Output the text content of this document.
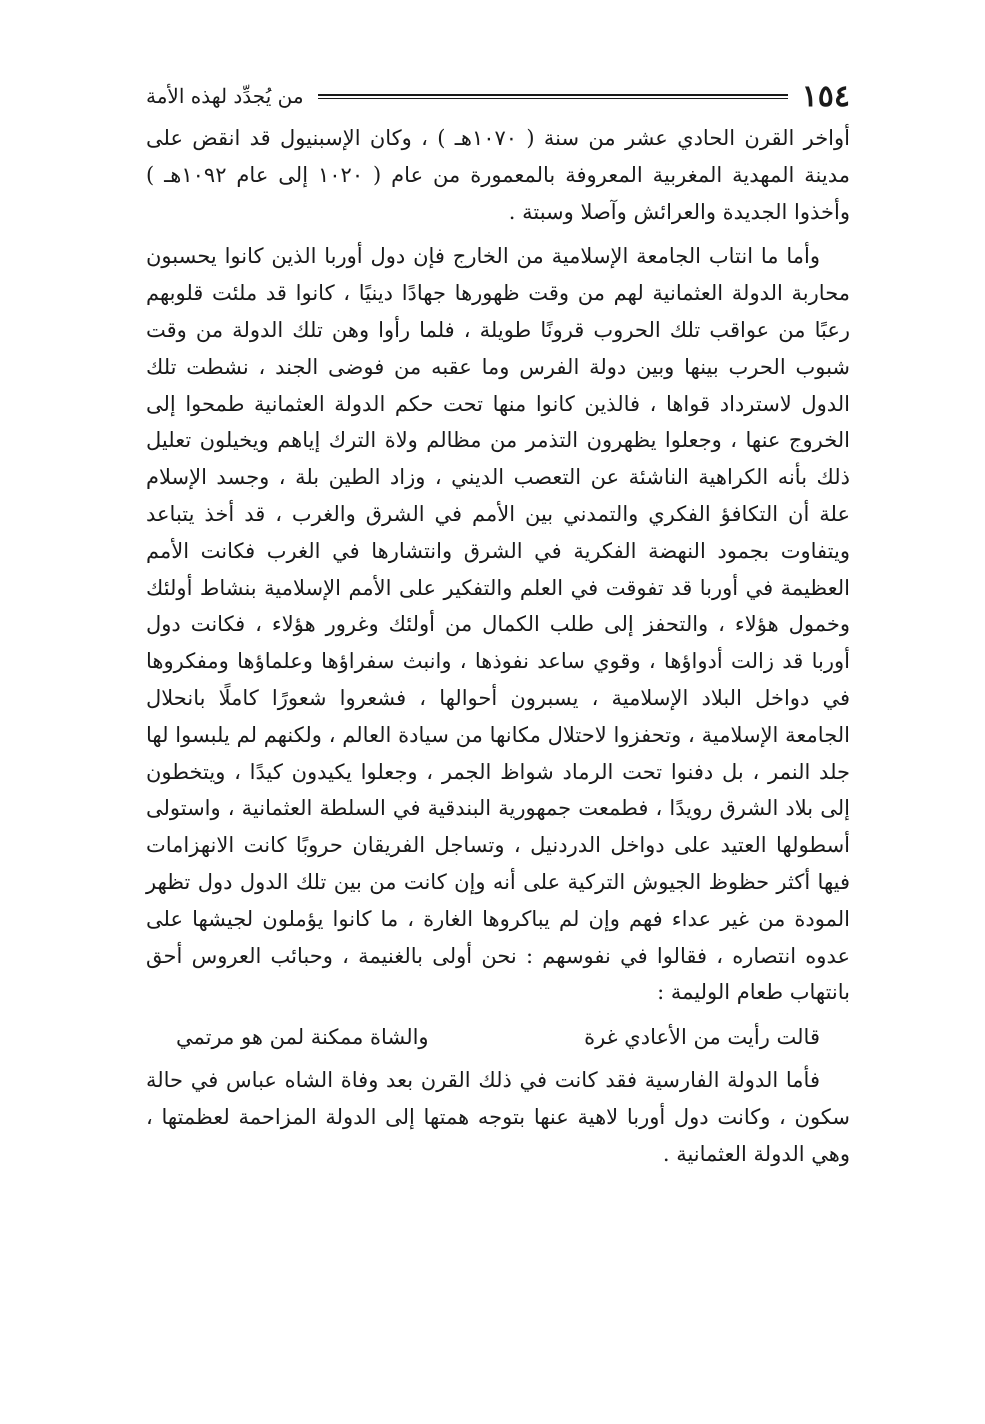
١٥٤
من يُجدِّد لهذه الأمة

أواخر القرن الحادي عشر من سنة ( ١٠٧٠هـ ) ، وكان الإسبنيول قد انقض على مدينة المهدية المغربية المعروفة بالمعمورة من عام ( ١٠٢٠ إلى عام ١٠٩٢هـ ) وأخذوا الجديدة والعرائش وآصلا وسبتة .

وأما ما انتاب الجامعة الإسلامية من الخارج فإن دول أوربا الذين كانوا يحسبون محاربة الدولة العثمانية لهم من وقت ظهورها جهادًا دينيًا ، كانوا قد ملئت قلوبهم رعبًا من عواقب تلك الحروب قرونًا طويلة ، فلما رأوا وهن تلك الدولة من وقت شبوب الحرب بينها وبين دولة الفرس وما عقبه من فوضى الجند ، نشطت تلك الدول لاسترداد قواها ، فالذين كانوا منها تحت حكم الدولة العثمانية طمحوا إلى الخروج عنها ، وجعلوا يظهرون التذمر من مظالم ولاة الترك إياهم ويخيلون تعليل ذلك بأنه الكراهية الناشئة عن التعصب الديني ، وزاد الطين بلة ، وجسد الإسلام علة أن التكافؤ الفكري والتمدني بين الأمم في الشرق والغرب ، قد أخذ يتباعد ويتفاوت بجمود النهضة الفكرية في الشرق وانتشارها في الغرب فكانت الأمم العظيمة في أوربا قد تفوقت في العلم والتفكير على الأمم الإسلامية بنشاط أولئك وخمول هؤلاء ، والتحفز إلى طلب الكمال من أولئك وغرور هؤلاء ، فكانت دول أوربا قد زالت أدواؤها ، وقوي ساعد نفوذها ، وانبث سفراؤها وعلماؤها ومفكروها في دواخل البلاد الإسلامية ، يسبرون أحوالها ، فشعروا شعورًا كاملًا بانحلال الجامعة الإسلامية ، وتحفزوا لاحتلال مكانها من سيادة العالم ، ولكنهم لم يلبسوا لها جلد النمر ، بل دفنوا تحت الرماد شواظ الجمر ، وجعلوا يكيدون كيدًا ، ويتخطون إلى بلاد الشرق رويدًا ، فطمعت جمهورية البندقية في السلطة العثمانية ، واستولى أسطولها العتيد على دواخل الدردنيل ، وتساجل الفريقان حروبًا كانت الانهزامات فيها أكثر حظوظ الجيوش التركية على أنه وإن كانت من بين تلك الدول دول تظهر المودة من غير عداء فهم وإن لم يباكروها الغارة ، ما كانوا يؤملون لجيشها على عدوه انتصاره ، فقالوا في نفوسهم : نحن أولى بالغنيمة ، وحبائب العروس أحق بانتهاب طعام الوليمة :

قالت رأيت من الأعادي غرة
والشاة ممكنة لمن هو مرتمي

فأما الدولة الفارسية فقد كانت في ذلك القرن بعد وفاة الشاه عباس في حالة سكون ، وكانت دول أوربا لاهية عنها بتوجه همتها إلى الدولة المزاحمة لعظمتها ، وهي الدولة العثمانية .
